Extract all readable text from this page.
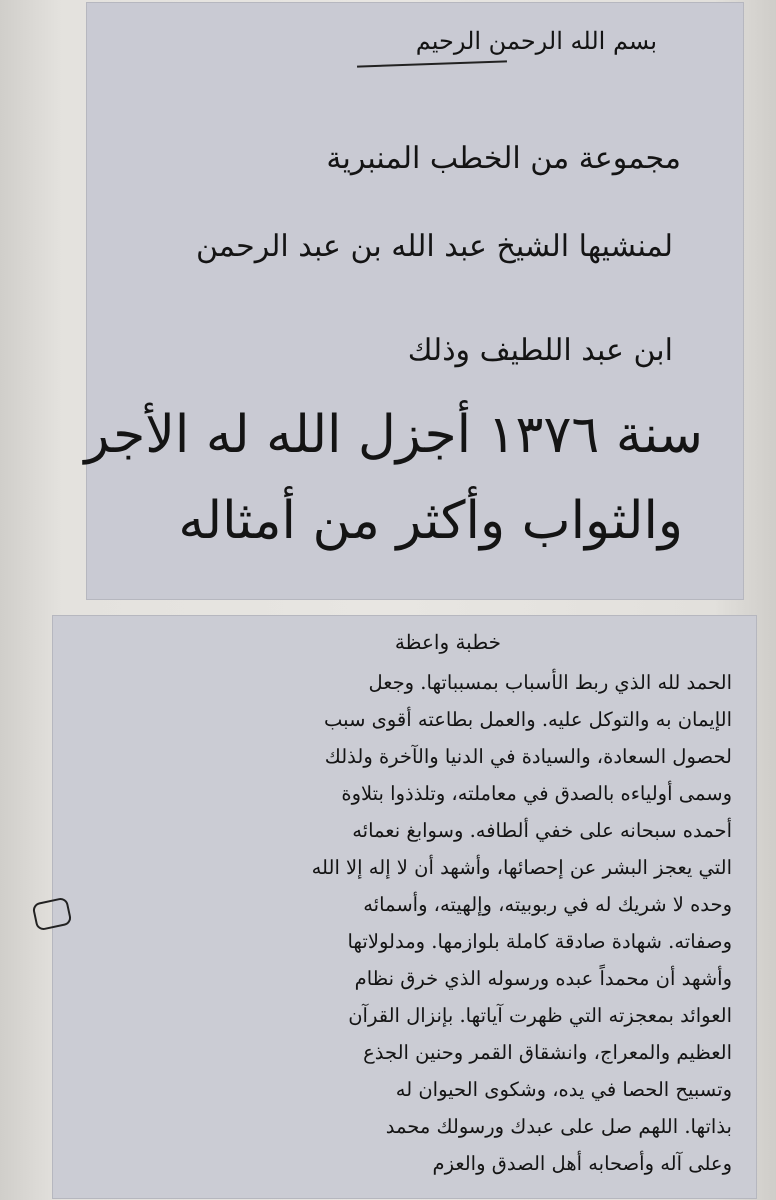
بسم الله الرحمن الرحيم
مجموعة من الخطب المنبرية
لمنشيها الشيخ عبد الله بن عبد الرحمن
ابن عبد اللطيف وذلك
سنة ١٣٧٦ أجزل الله له الأجر
والثواب وأكثر من أمثاله
خطبة واعظة
الحمد لله الذي ربط الأسباب بمسبباتها. وجعل
الإيمان به والتوكل عليه. والعمل بطاعته أقوى سبب
لحصول السعادة، والسيادة في الدنيا والآخرة ولذلك
وسمى أولياءه بالصدق في معاملته، وتلذذوا بتلاوة
أحمده سبحانه على خفي ألطافه. وسوابغ نعمائه
التي يعجز البشر عن إحصائها، وأشهد أن لا إله إلا الله
وحده لا شريك له في ربوبيته، وإلهيته، وأسمائه
وصفاته. شهادة صادقة كاملة بلوازمها. ومدلولاتها
وأشهد أن محمداً عبده ورسوله الذي خرق نظام
العوائد بمعجزته التي ظهرت آياتها. بإنزال القرآن
العظيم والمعراج، وانشقاق القمر وحنين الجذع
وتسبيح الحصا في يده، وشكوى الحيوان له
بذاتها. اللهم صل على عبدك ورسولك محمد
وعلى آله وأصحابه أهل الصدق والعزم
